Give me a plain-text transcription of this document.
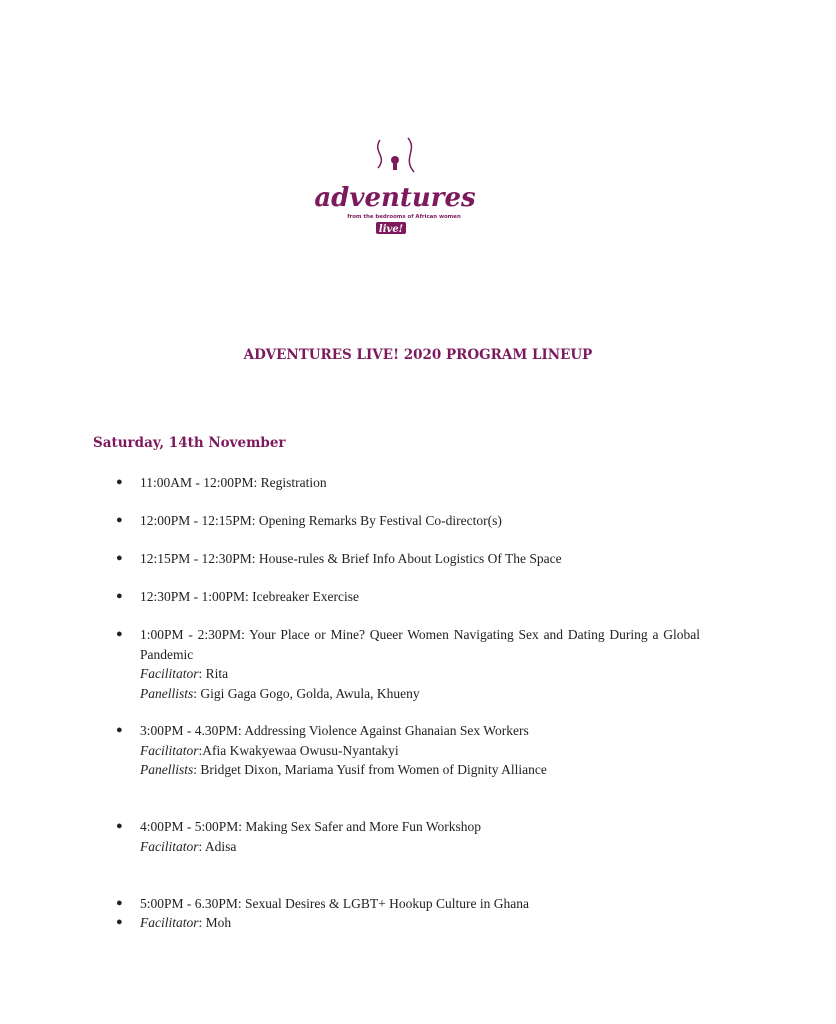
adventures
from the bedrooms of African women
live!
ADVENTURES LIVE! 2020 PROGRAM LINEUP
Saturday, 14th November
● 11:00AM - 12:00PM: Registration
● 12:00PM - 12:15PM: Opening Remarks By Festival Co-director(s)
● 12:15PM - 12:30PM: House-rules & Brief Info About Logistics Of The Space
● 12:30PM - 1:00PM: Icebreaker Exercise
● 1:00PM - 2:30PM: Your Place or Mine? Queer Women Navigating Sex and Dating During a Global Pandemic
Facilitator: Rita
Panellists: Gigi Gaga Gogo, Golda, Awula, Khueny
● 3:00PM - 4.30PM: Addressing Violence Against Ghanaian Sex Workers
Facilitator:Afia Kwakyewaa Owusu-Nyantakyi
Panellists: Bridget Dixon, Mariama Yusif from Women of Dignity Alliance
● 4:00PM - 5:00PM: Making Sex Safer and More Fun Workshop
Facilitator: Adisa
● 5:00PM - 6.30PM: Sexual Desires & LGBT+ Hookup Culture in Ghana
● Facilitator: Moh
